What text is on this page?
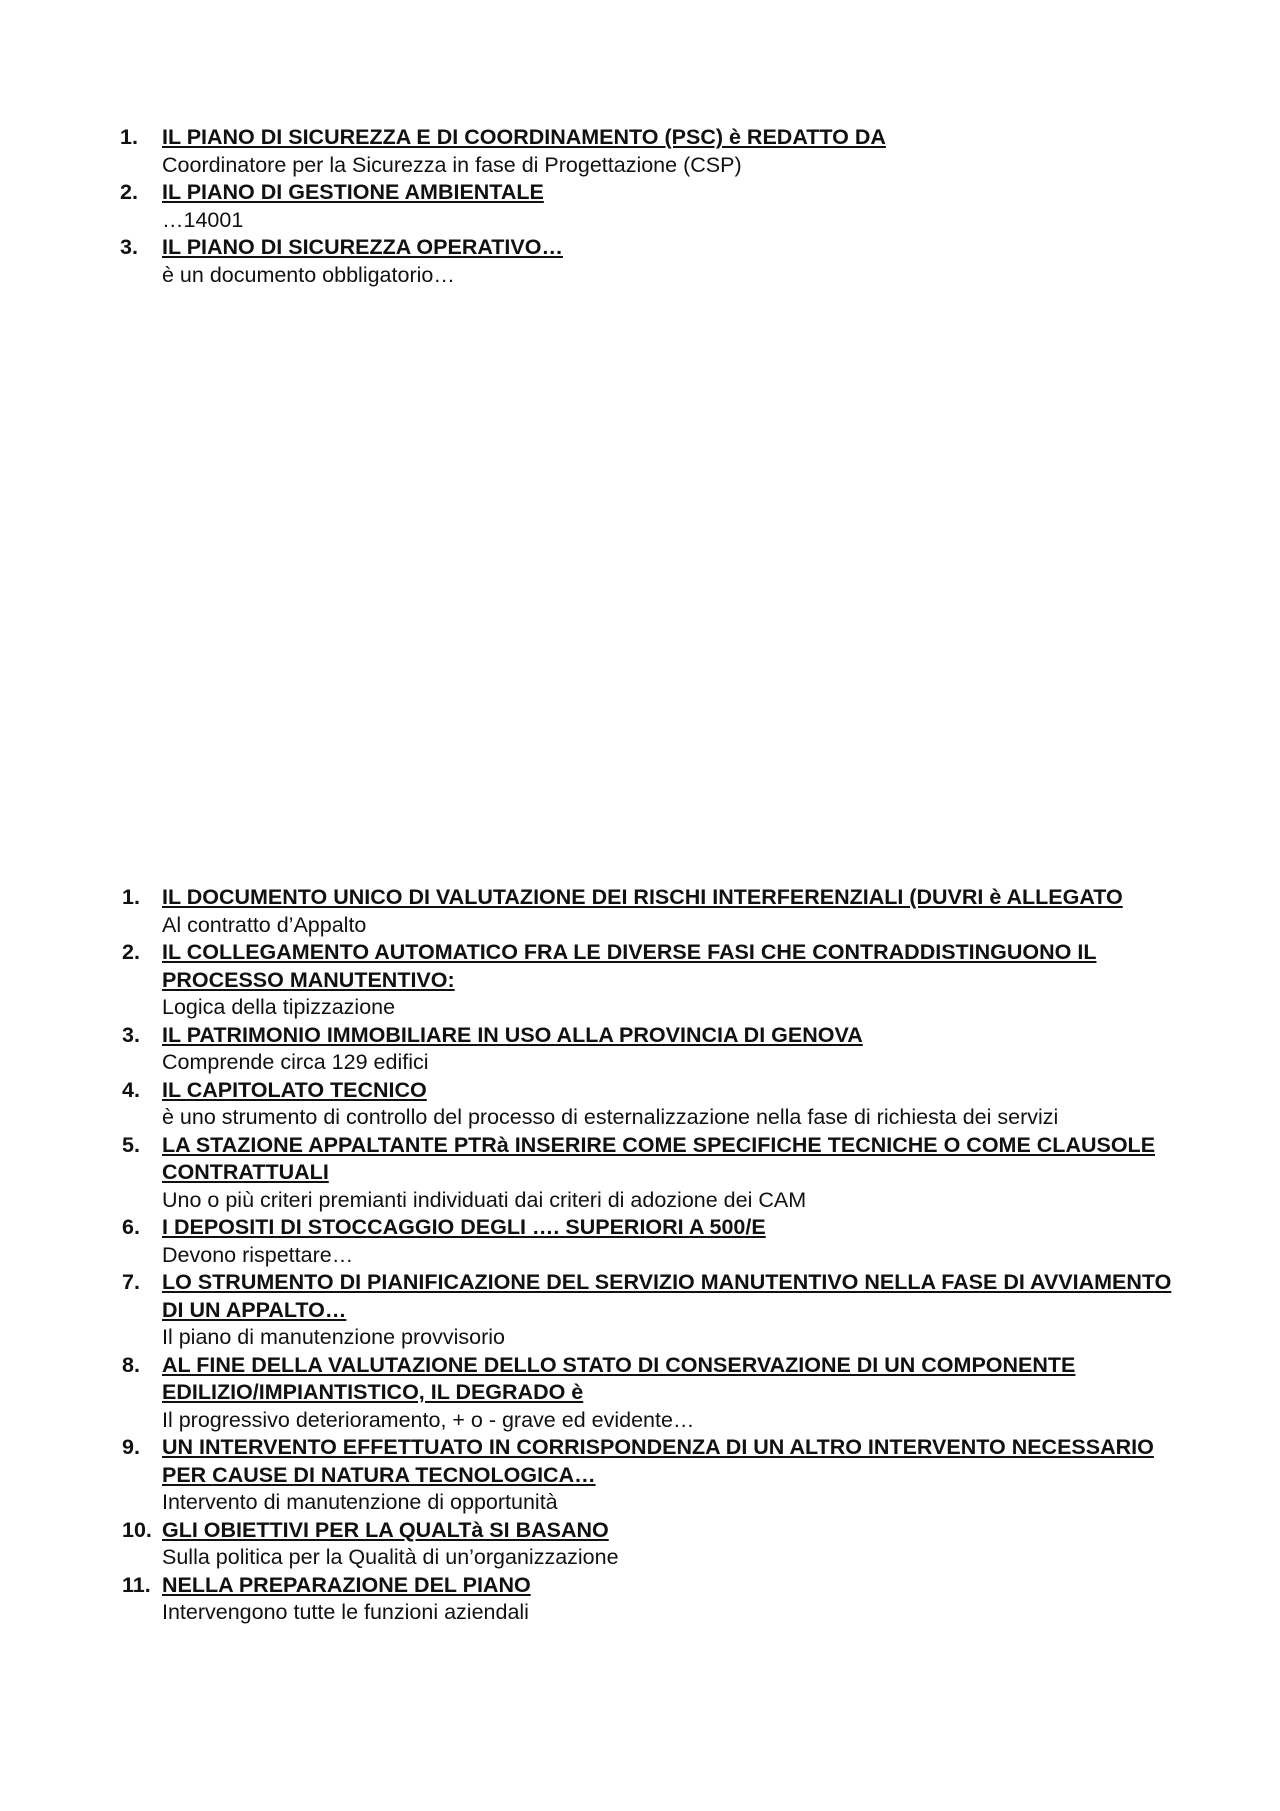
1.	IL PIANO DI SICUREZZA E DI COORDINAMENTO (PSC) è REDATTO DA
Coordinatore per la Sicurezza in fase di Progettazione (CSP)
2.	IL PIANO DI GESTIONE AMBIENTALE
…14001
3.	IL PIANO DI SICUREZZA OPERATIVO…
è un documento obbligatorio…
1.	IL DOCUMENTO UNICO DI VALUTAZIONE DEI RISCHI INTERFERENZIALI (DUVRI è ALLEGATO
Al contratto d’Appalto
2.	IL COLLEGAMENTO AUTOMATICO FRA LE DIVERSE FASI CHE CONTRADDISTINGUONO IL PROCESSO MANUTENTIVO:
Logica della tipizzazione
3.	IL PATRIMONIO IMMOBILIARE IN USO ALLA PROVINCIA DI GENOVA
Comprende circa 129 edifici
4.	IL CAPITOLATO TECNICO
è uno strumento di controllo del processo di esternalizzazione nella fase di richiesta dei servizi
5.	LA STAZIONE APPALTANTE PTRà INSERIRE COME SPECIFICHE TECNICHE O COME CLAUSOLE CONTRATTUALI
Uno o più criteri premianti individuati dai criteri di adozione dei CAM
6.	I DEPOSITI DI STOCCAGGIO DEGLI …. SUPERIORI A 500/E
Devono rispettare…
7.	LO STRUMENTO DI PIANIFICAZIONE DEL SERVIZIO MANUTENTIVO NELLA FASE DI AVVIAMENTO DI UN APPALTO…
Il piano di manutenzione provvisorio
8.	AL FINE DELLA VALUTAZIONE DELLO STATO DI CONSERVAZIONE DI UN COMPONENTE EDILIZIO/IMPIANTISTICO, IL DEGRADO è
Il progressivo deterioramento, + o - grave ed evidente…
9.	UN INTERVENTO EFFETTUATO IN CORRISPONDENZA DI UN ALTRO INTERVENTO NECESSARIO PER CAUSE DI NATURA TECNOLOGICA…
Intervento di manutenzione di opportunità
10. GLI OBIETTIVI PER LA QUALTà SI BASANO
Sulla politica per la Qualità di un’organizzazione
11. NELLA PREPARAZIONE DEL PIANO
Intervengono tutte le funzioni aziendali
